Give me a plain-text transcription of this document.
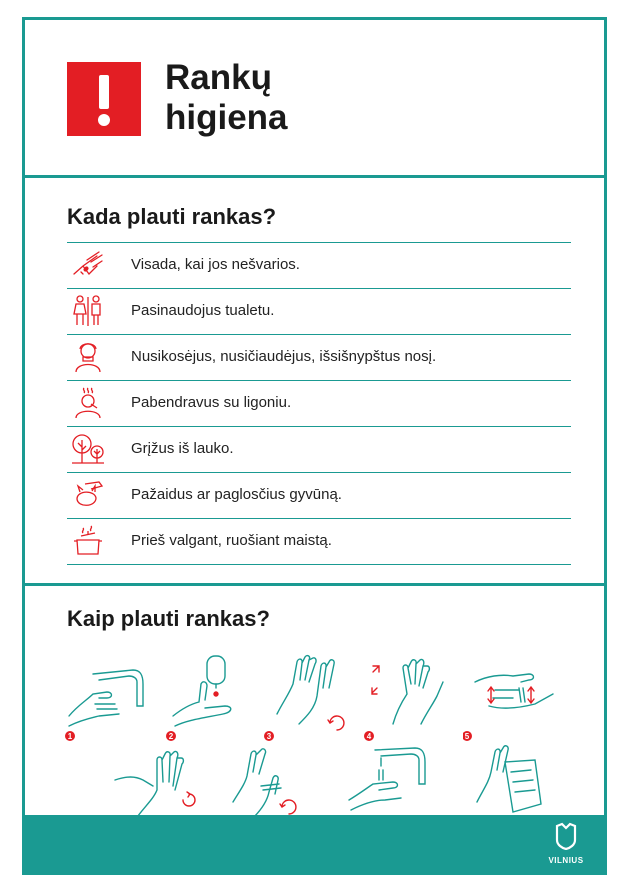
Rankų
higiena
Kada plauti rankas?
Visada, kai jos nešvarios.
Pasinaudojus tualetu.
Nusikosėjus, nusičiaudėjus, išsišnypštus nosį.
Pabendravus su ligoniu.
Grįžus iš lauko.
Pažaidus ar paglosčius gyvūną.
Prieš valgant, ruošiant maistą.
Kaip plauti rankas?
1	2	3	4	5
VILNIUS
